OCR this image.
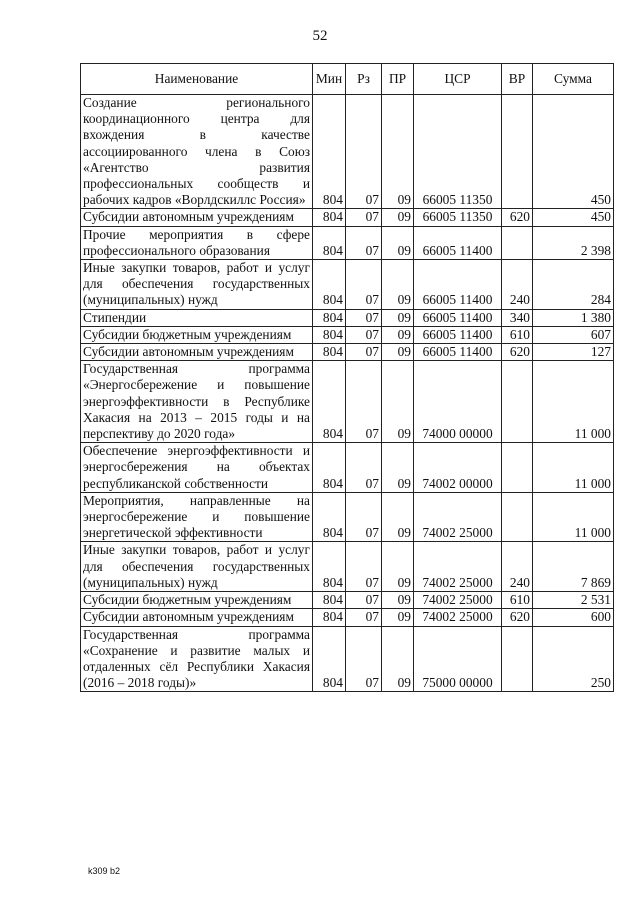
52
Наименование	Мин	Рз	ПР	ЦСР	ВР	Сумма
Создание регионального координационного центра для вхождения в качестве ассоциированного члена в Союз «Агентство развития профессиональных сообществ и рабочих кадров «Ворлдскиллс Россия»	804	07	09	66005 11350		450
Субсидии автономным учреждениям	804	07	09	66005 11350	620	450
Прочие мероприятия в сфере профессионального образования	804	07	09	66005 11400		2 398
Иные закупки товаров, работ и услуг для обеспечения государственных (муниципальных) нужд	804	07	09	66005 11400	240	284
Стипендии	804	07	09	66005 11400	340	1 380
Субсидии бюджетным учреждениям	804	07	09	66005 11400	610	607
Субсидии автономным учреждениям	804	07	09	66005 11400	620	127
Государственная программа «Энергосбережение и повышение энергоэффективности в Республике Хакасия на 2013 – 2015 годы и на перспективу до 2020 года»	804	07	09	74000 00000		11 000
Обеспечение энергоэффективности и энергосбережения на объектах республиканской собственности	804	07	09	74002 00000		11 000
Мероприятия, направленные на энергосбережение и повышение энергетической эффективности	804	07	09	74002 25000		11 000
Иные закупки товаров, работ и услуг для обеспечения государственных (муниципальных) нужд	804	07	09	74002 25000	240	7 869
Субсидии бюджетным учреждениям	804	07	09	74002 25000	610	2 531
Субсидии автономным учреждениям	804	07	09	74002 25000	620	600
Государственная программа «Сохранение и развитие малых и отдаленных сёл Республики Хакасия (2016 – 2018 годы)»	804	07	09	75000 00000		250
k309 b2
